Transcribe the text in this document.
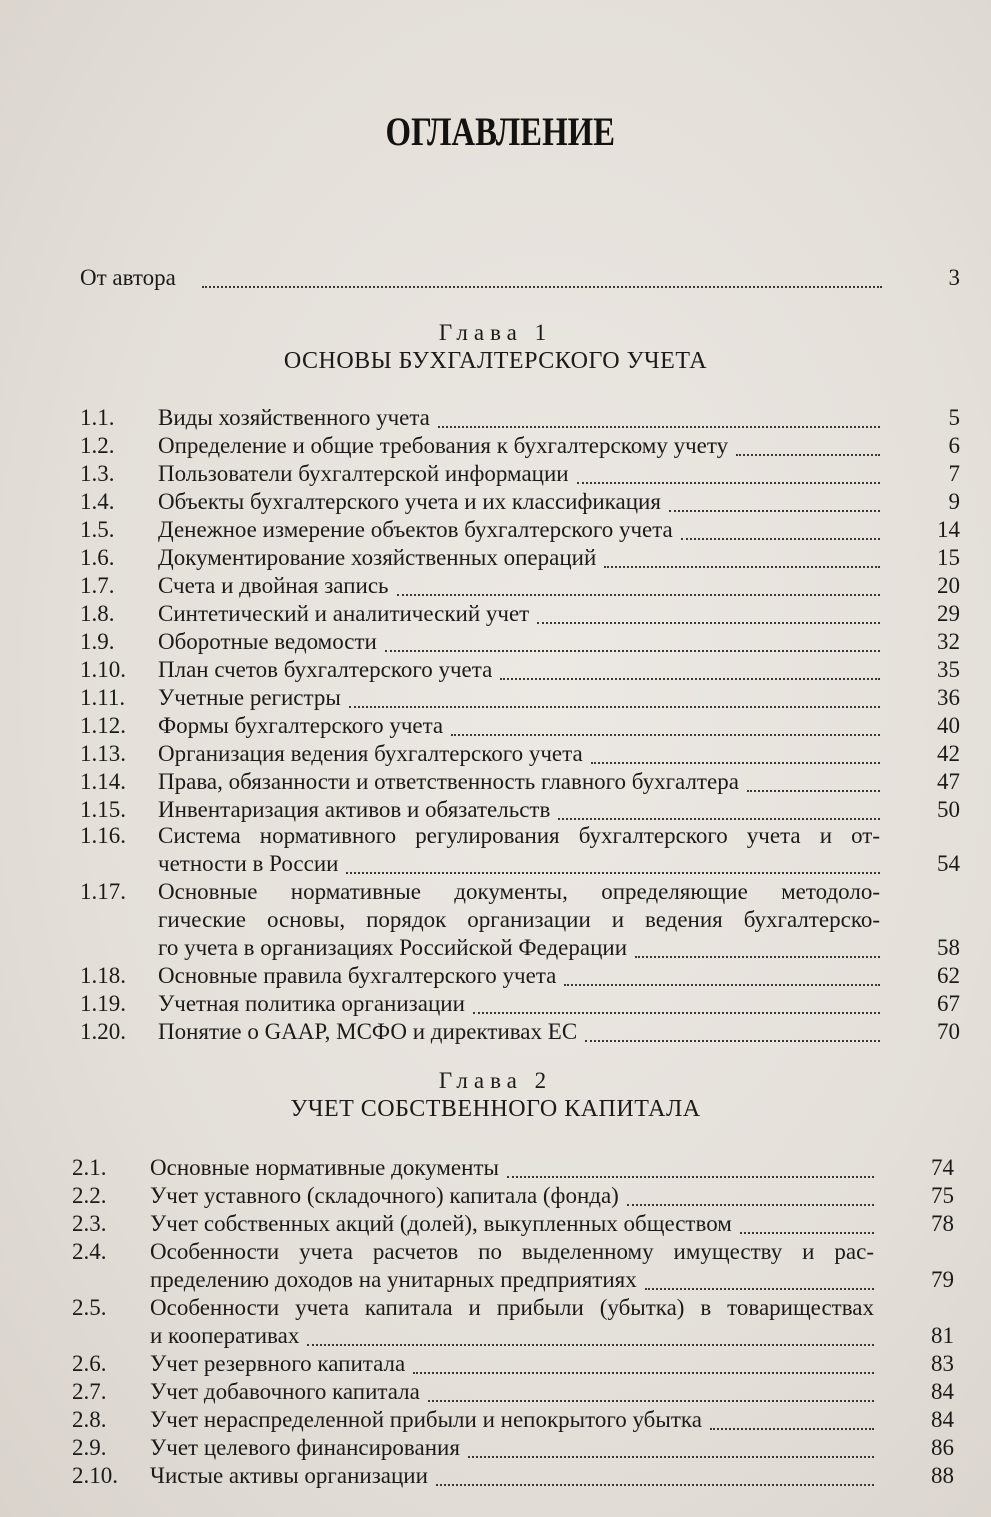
ОГЛАВЛЕНИЕ
От автора	3
Глава 1
ОСНОВЫ БУХГАЛТЕРСКОГО УЧЕТА
1.1. Виды хозяйственного учета	5
1.2. Определение и общие требования к бухгалтерскому учету	6
1.3. Пользователи бухгалтерской информации	7
1.4. Объекты бухгалтерского учета и их классификация	9
1.5. Денежное измерение объектов бухгалтерского учета	14
1.6. Документирование хозяйственных операций	15
1.7. Счета и двойная запись	20
1.8. Синтетический и аналитический учет	29
1.9. Оборотные ведомости	32
1.10. План счетов бухгалтерского учета	35
1.11. Учетные регистры	36
1.12. Формы бухгалтерского учета	40
1.13. Организация ведения бухгалтерского учета	42
1.14. Права, обязанности и ответственность главного бухгалтера	47
1.15. Инвентаризация активов и обязательств	50
1.16. Система нормативного регулирования бухгалтерского учета и от-
четности в России	54
1.17. Основные нормативные документы, определяющие методоло-
гические основы, порядок организации и ведения бухгалтерско-
го учета в организациях Российской Федерации	58
1.18. Основные правила бухгалтерского учета	62
1.19. Учетная политика организации	67
1.20. Понятие о GAAP, МСФО и директивах ЕС	70
Глава 2
УЧЕТ СОБСТВЕННОГО КАПИТАЛА
2.1. Основные нормативные документы	74
2.2. Учет уставного (складочного) капитала (фонда)	75
2.3. Учет собственных акций (долей), выкупленных обществом	78
2.4. Особенности учета расчетов по выделенному имуществу и рас-
пределению доходов на унитарных предприятиях	79
2.5. Особенности учета капитала и прибыли (убытка) в товариществах
и кооперативах	81
2.6. Учет резервного капитала	83
2.7. Учет добавочного капитала	84
2.8. Учет нераспределенной прибыли и непокрытого убытка	84
2.9. Учет целевого финансирования	86
2.10. Чистые активы организации	88
